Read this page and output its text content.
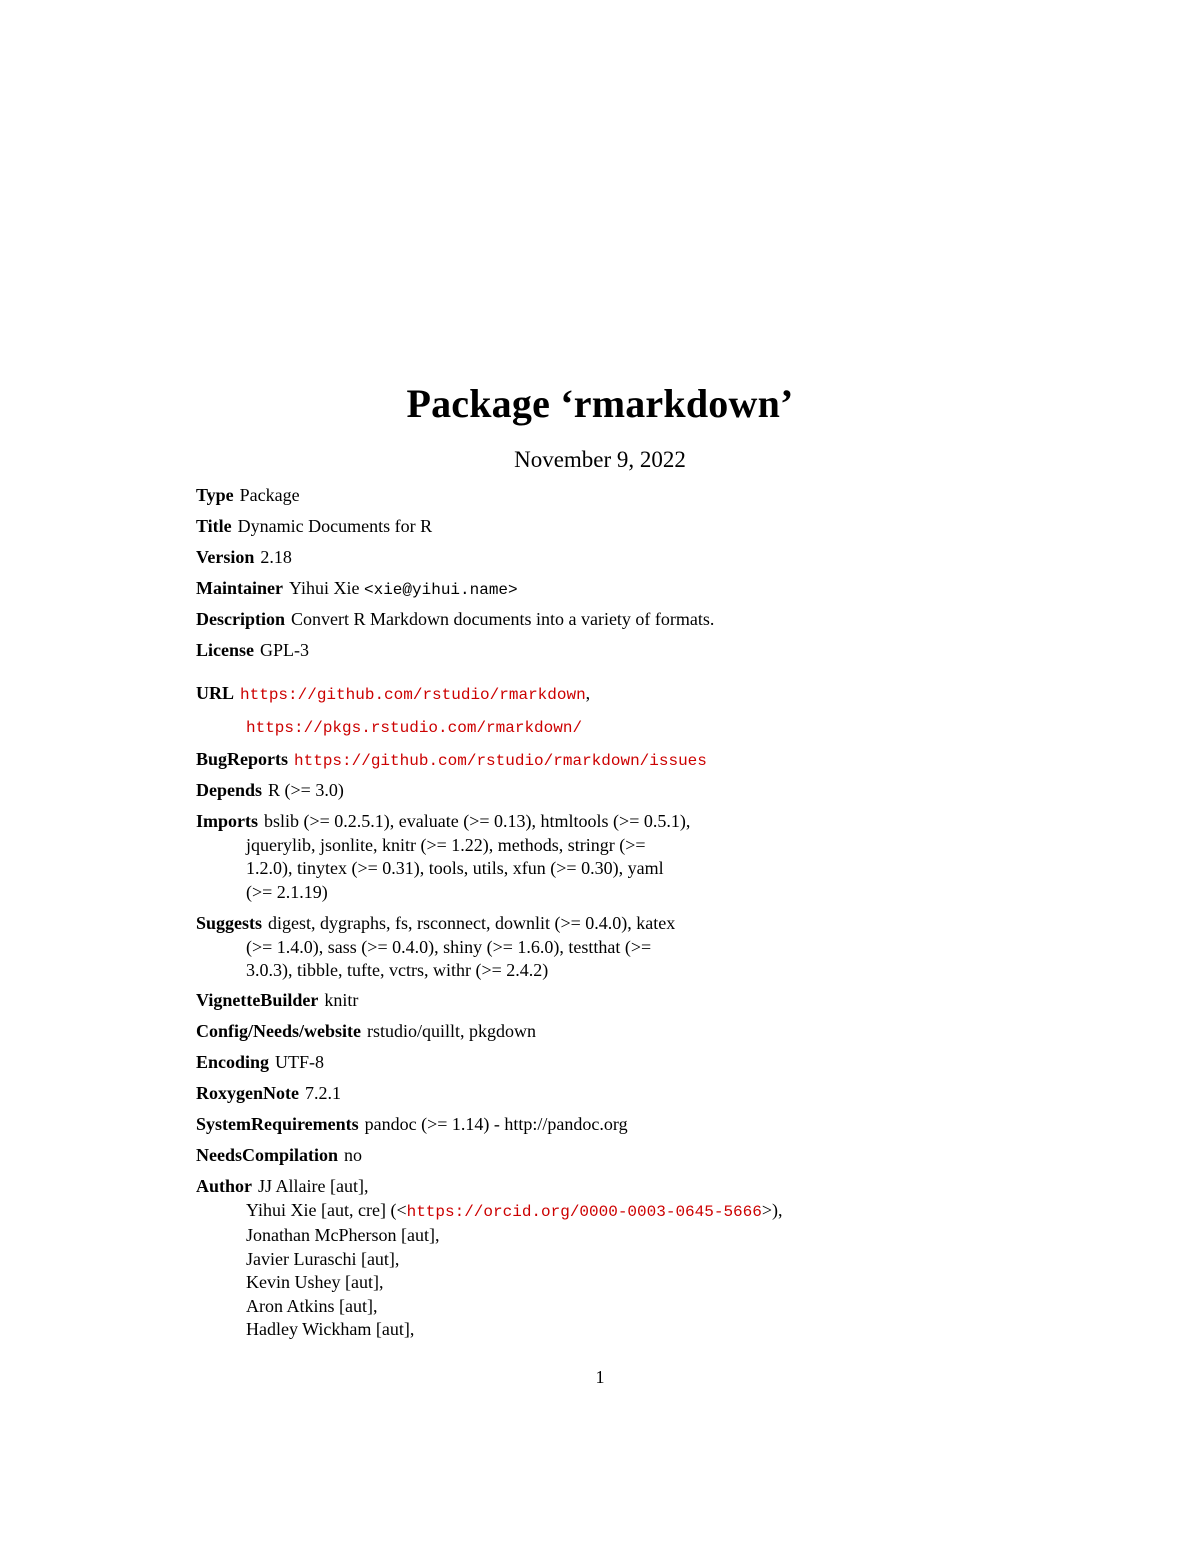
Package ‘rmarkdown’
November 9, 2022
Type Package
Title Dynamic Documents for R
Version 2.18
Maintainer Yihui Xie <xie@yihui.name>
Description Convert R Markdown documents into a variety of formats.
License GPL-3
URL https://github.com/rstudio/rmarkdown,
https://pkgs.rstudio.com/rmarkdown/
BugReports https://github.com/rstudio/rmarkdown/issues
Depends R (>= 3.0)
Imports bslib (>= 0.2.5.1), evaluate (>= 0.13), htmltools (>= 0.5.1),
jquerylib, jsonlite, knitr (>= 1.22), methods, stringr (>=
1.2.0), tinytex (>= 0.31), tools, utils, xfun (>= 0.30), yaml
(>= 2.1.19)
Suggests digest, dygraphs, fs, rsconnect, downlit (>= 0.4.0), katex
(>= 1.4.0), sass (>= 0.4.0), shiny (>= 1.6.0), testthat (>=
3.0.3), tibble, tufte, vctrs, withr (>= 2.4.2)
VignetteBuilder knitr
Config/Needs/website rstudio/quillt, pkgdown
Encoding UTF-8
RoxygenNote 7.2.1
SystemRequirements pandoc (>= 1.14) - http://pandoc.org
NeedsCompilation no
Author JJ Allaire [aut],
Yihui Xie [aut, cre] (<https://orcid.org/0000-0003-0645-5666>),
Jonathan McPherson [aut],
Javier Luraschi [aut],
Kevin Ushey [aut],
Aron Atkins [aut],
Hadley Wickham [aut],
1
